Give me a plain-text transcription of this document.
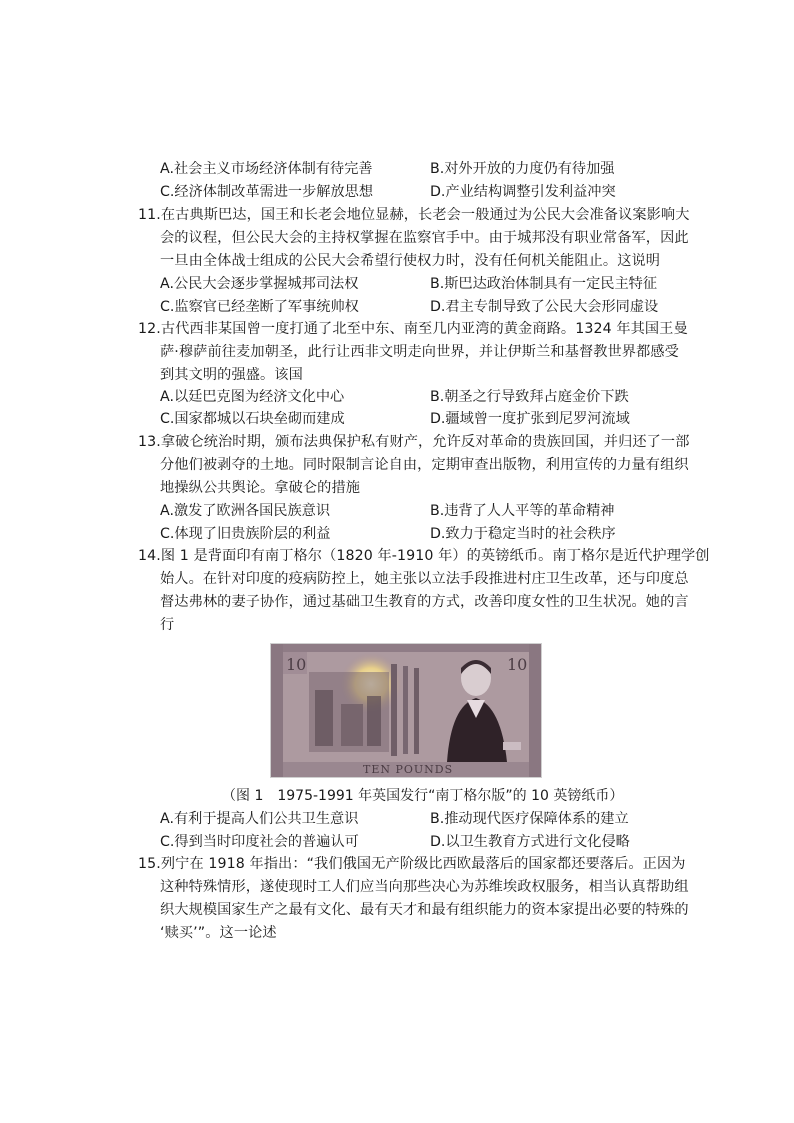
A.社会主义市场经济体制有待完善	B.对外开放的力度仍有待加强
C.经济体制改革需进一步解放思想	D.产业结构调整引发利益冲突
11.在古典斯巴达，国王和长老会地位显赫，长老会一般通过为公民大会准备议案影响大
会的议程，但公民大会的主持权掌握在监察官手中。由于城邦没有职业常备军，因此
一旦由全体战士组成的公民大会希望行使权力时，没有任何机关能阻止。这说明
A.公民大会逐步掌握城邦司法权	B.斯巴达政治体制具有一定民主特征
C.监察官已经垄断了军事统帅权	D.君主专制导致了公民大会形同虚设
12.古代西非某国曾一度打通了北至中东、南至几内亚湾的黄金商路。1324 年其国王曼
萨·穆萨前往麦加朝圣，此行让西非文明走向世界，并让伊斯兰和基督教世界都感受
到其文明的强盛。该国
A.以廷巴克图为经济文化中心	B.朝圣之行导致拜占庭金价下跌
C.国家都城以石块垒砌而建成	D.疆域曾一度扩张到尼罗河流域
13.拿破仑统治时期，颁布法典保护私有财产，允许反对革命的贵族回国，并归还了一部
分他们被剥夺的土地。同时限制言论自由，定期审查出版物，利用宣传的力量有组织
地操纵公共舆论。拿破仑的措施
A.激发了欧洲各国民族意识	B.违背了人人平等的革命精神
C.体现了旧贵族阶层的利益	D.致力于稳定当时的社会秩序
14.图 1 是背面印有南丁格尔（1820 年-1910 年）的英镑纸币。南丁格尔是近代护理学创
始人。在针对印度的疫病防控上，她主张以立法手段推进村庄卫生改革，还与印度总
督达弗林的妻子协作，通过基础卫生教育的方式，改善印度女性的卫生状况。她的言
行
10	10
TEN POUNDS
（图 1　1975-1991 年英国发行“南丁格尔版”的 10 英镑纸币）
A.有利于提高人们公共卫生意识	B.推动现代医疗保障体系的建立
C.得到当时印度社会的普遍认可	D.以卫生教育方式进行文化侵略
15.列宁在 1918 年指出：“我们俄国无产阶级比西欧最落后的国家都还要落后。正因为
这种特殊情形，遂使现时工人们应当向那些决心为苏维埃政权服务，相当认真帮助组
织大规模国家生产之最有文化、最有天才和最有组织能力的资本家提出必要的特殊的
‘赎买’”。这一论述
